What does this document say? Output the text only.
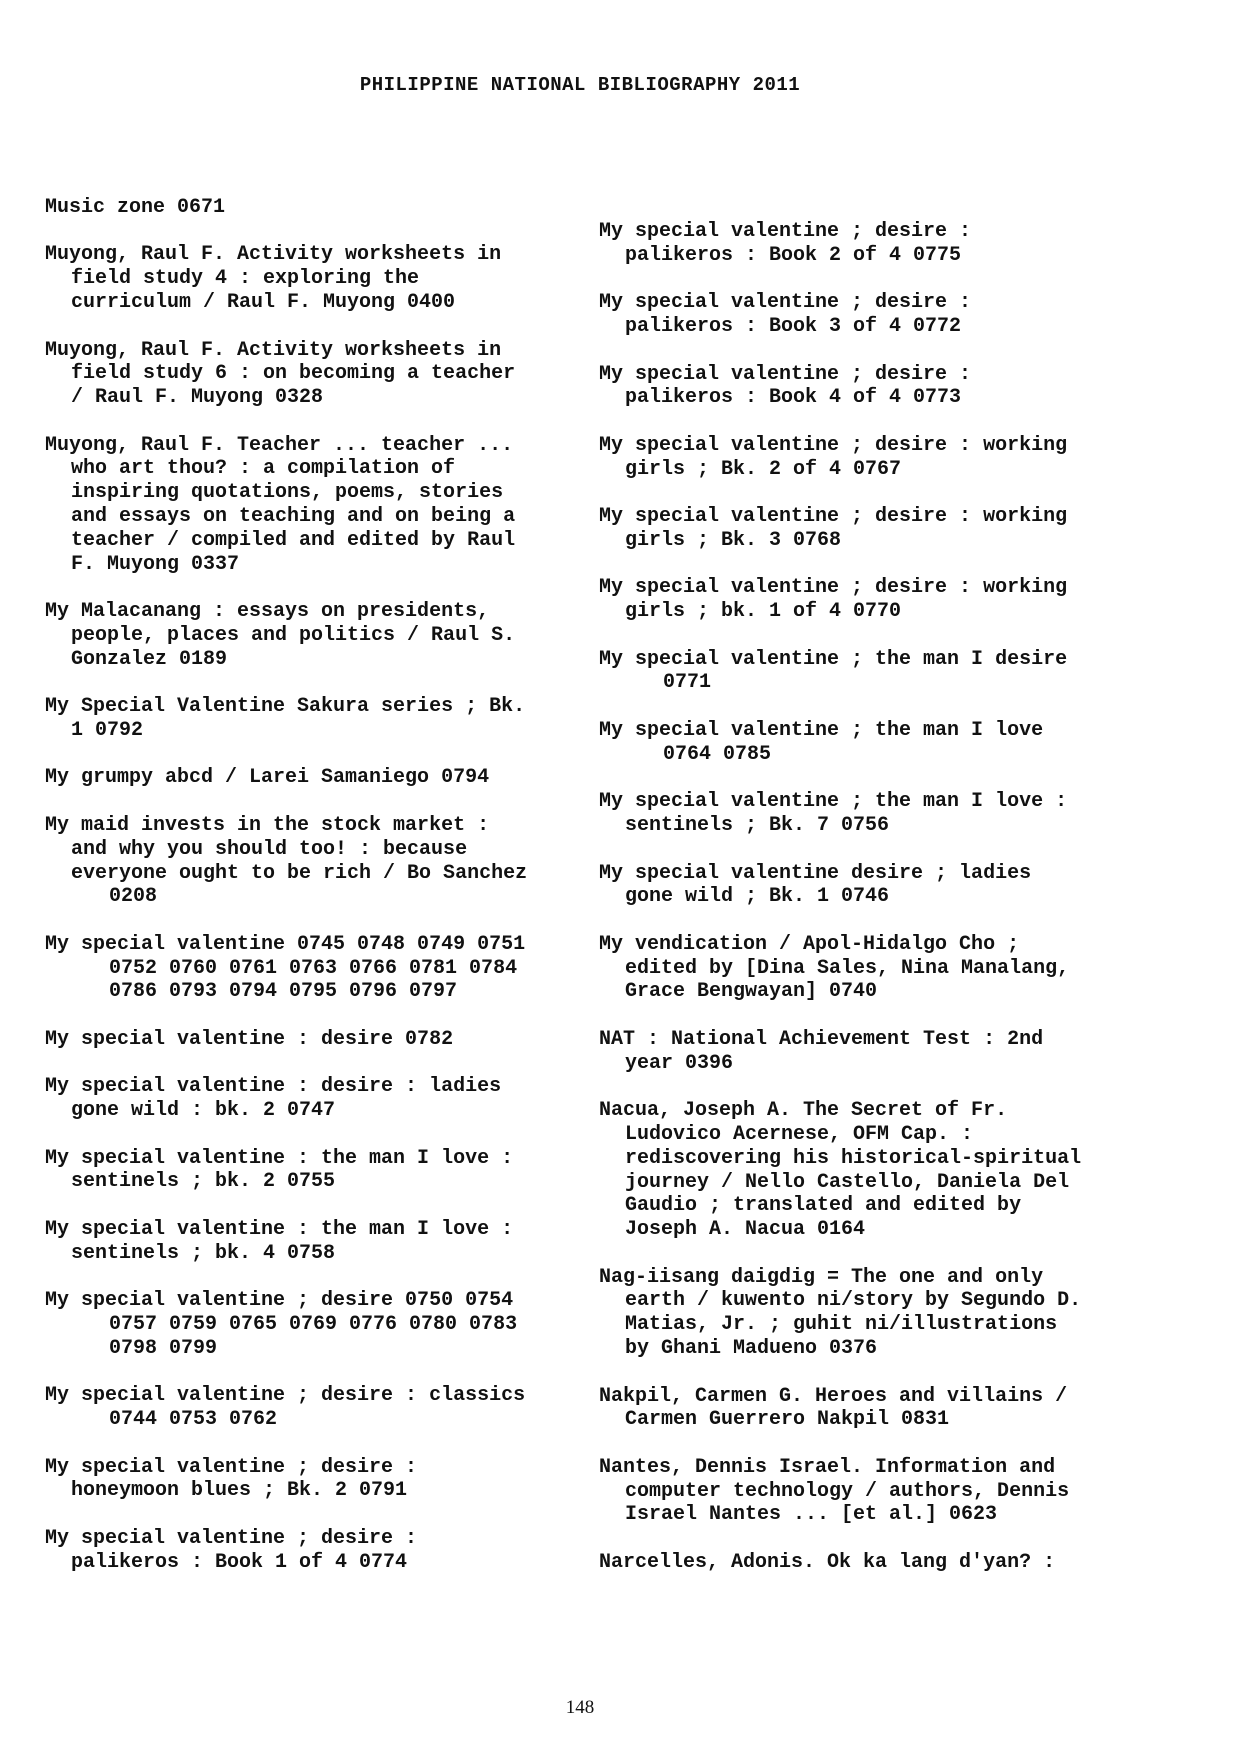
PHILIPPINE NATIONAL BIBLIOGRAPHY 2011
Music zone 0671
Muyong, Raul F. Activity worksheets in
field study 4 : exploring the
curriculum / Raul F. Muyong 0400
Muyong, Raul F. Activity worksheets in
field study 6 : on becoming a teacher
/ Raul F. Muyong 0328
Muyong, Raul F. Teacher ... teacher ...
who art thou? : a compilation of
inspiring quotations, poems, stories
and essays on teaching and on being a
teacher / compiled and edited by Raul
F. Muyong 0337
My Malacanang : essays on presidents,
people, places and politics / Raul S.
Gonzalez 0189
My Special Valentine Sakura series ; Bk.
1 0792
My grumpy abcd / Larei Samaniego 0794
My maid invests in the stock market :
and why you should too! : because
everyone ought to be rich / Bo Sanchez
0208
My special valentine 0745 0748 0749 0751
0752 0760 0761 0763 0766 0781 0784
0786 0793 0794 0795 0796 0797
My special valentine : desire 0782
My special valentine : desire : ladies
gone wild : bk. 2 0747
My special valentine : the man I love :
sentinels ; bk. 2 0755
My special valentine : the man I love :
sentinels ; bk. 4 0758
My special valentine ; desire 0750 0754
0757 0759 0765 0769 0776 0780 0783
0798 0799
My special valentine ; desire : classics
0744 0753 0762
My special valentine ; desire :
honeymoon blues ; Bk. 2 0791
My special valentine ; desire :
palikeros : Book 1 of 4 0774
My special valentine ; desire :
palikeros : Book 2 of 4 0775
My special valentine ; desire :
palikeros : Book 3 of 4 0772
My special valentine ; desire :
palikeros : Book 4 of 4 0773
My special valentine ; desire : working
girls ; Bk. 2 of 4 0767
My special valentine ; desire : working
girls ; Bk. 3 0768
My special valentine ; desire : working
girls ; bk. 1 of 4 0770
My special valentine ; the man I desire
0771
My special valentine ; the man I love
0764 0785
My special valentine ; the man I love :
sentinels ; Bk. 7 0756
My special valentine desire ; ladies
gone wild ; Bk. 1 0746
My vendication / Apol-Hidalgo Cho ;
edited by [Dina Sales, Nina Manalang,
Grace Bengwayan] 0740
NAT : National Achievement Test : 2nd
year 0396
Nacua, Joseph A. The Secret of Fr.
Ludovico Acernese, OFM Cap. :
rediscovering his historical-spiritual
journey / Nello Castello, Daniela Del
Gaudio ; translated and edited by
Joseph A. Nacua 0164
Nag-iisang daigdig = The one and only
earth / kuwento ni/story by Segundo D.
Matias, Jr. ; guhit ni/illustrations
by Ghani Madueno 0376
Nakpil, Carmen G. Heroes and villains /
Carmen Guerrero Nakpil 0831
Nantes, Dennis Israel. Information and
computer technology / authors, Dennis
Israel Nantes ... [et al.] 0623
Narcelles, Adonis. Ok ka lang d'yan? :
148
